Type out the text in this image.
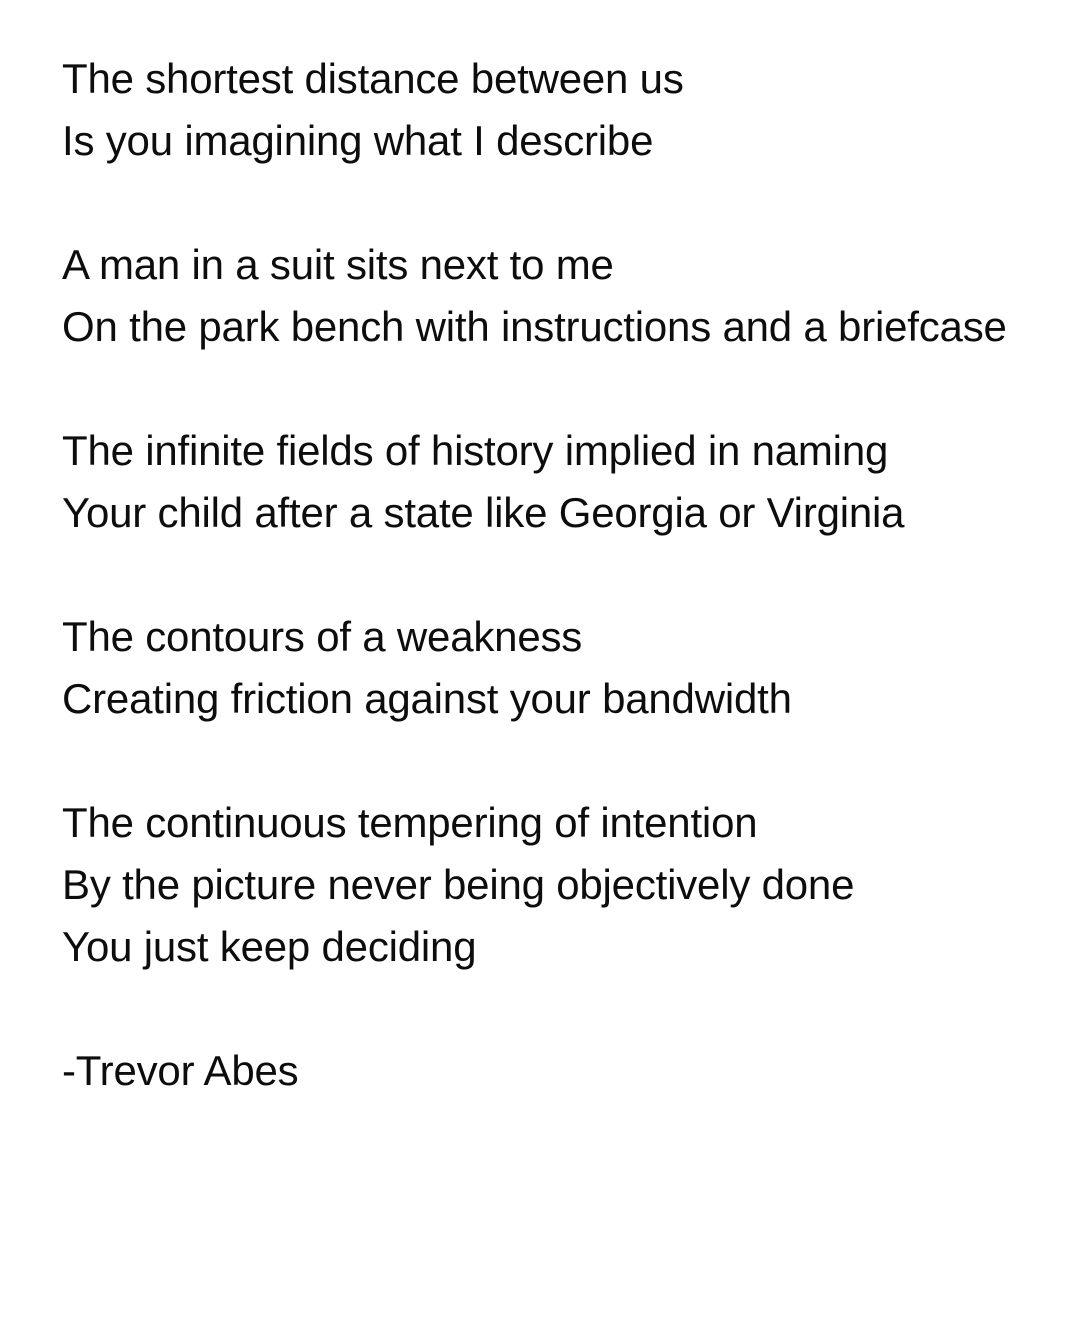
The shortest distance between us
Is you imagining what I describe
A man in a suit sits next to me
On the park bench with instructions and a briefcase
The infinite fields of history implied in naming
Your child after a state like Georgia or Virginia
The contours of a weakness
Creating friction against your bandwidth
The continuous tempering of intention
By the picture never being objectively done
You just keep deciding
-Trevor Abes
